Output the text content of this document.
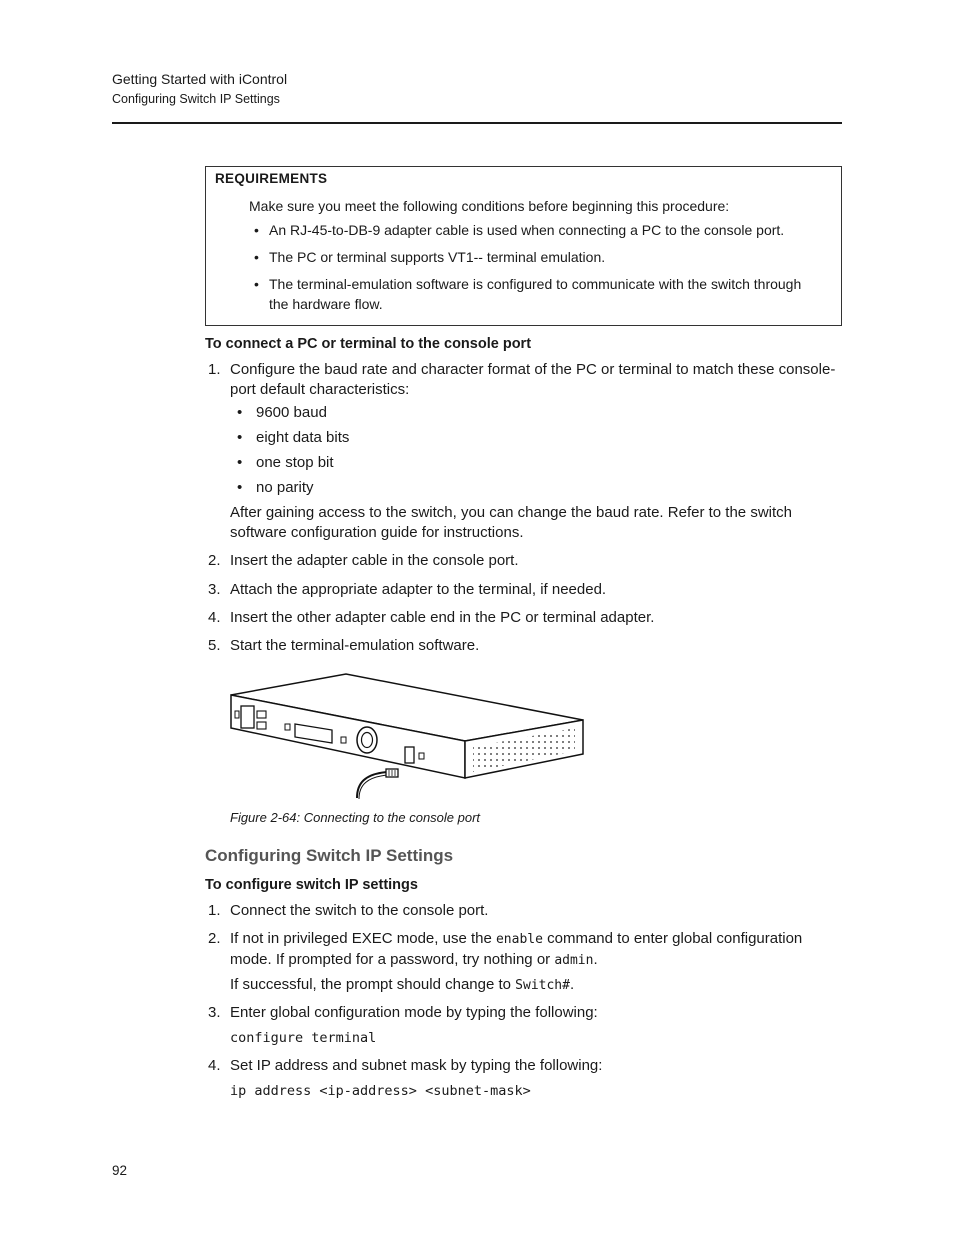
Getting Started with iControl
Configuring Switch IP Settings
REQUIREMENTS
Make sure you meet the following conditions before beginning this procedure:
• An RJ-45-to-DB-9 adapter cable is used when connecting a PC to the console port.
• The PC or terminal supports VT1-- terminal emulation.
• The terminal-emulation software is configured to communicate with the switch through
the hardware flow.
To connect a PC or terminal to the console port
1. Configure the baud rate and character format of the PC or terminal to match these console-
port default characteristics:
• 9600 baud
• eight data bits
• one stop bit
• no parity
After gaining access to the switch, you can change the baud rate. Refer to the switch
software configuration guide for instructions.
2. Insert the adapter cable in the console port.
3. Attach the appropriate adapter to the terminal, if needed.
4. Insert the other adapter cable end in the PC or terminal adapter.
5. Start the terminal-emulation software.
Figure 2-64: Connecting to the console port
Configuring Switch IP Settings
To configure switch IP settings
1. Connect the switch to the console port.
2. If not in privileged EXEC mode, use the enable command to enter global configuration
mode. If prompted for a password, try nothing or admin.
If successful, the prompt should change to Switch#.
3. Enter global configuration mode by typing the following:
configure terminal
4. Set IP address and subnet mask by typing the following:
ip address <ip-address> <subnet-mask>
92
